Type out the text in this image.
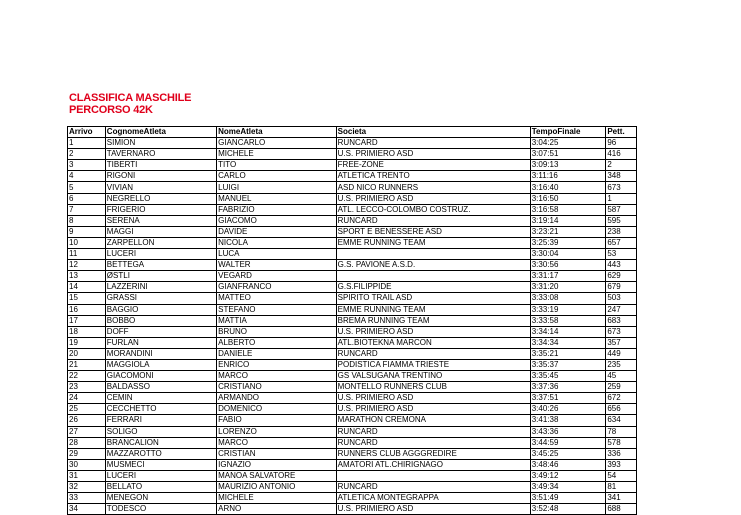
CLASSIFICA MASCHILE
PERCORSO 42K
Arrivo	CognomeAtleta	NomeAtleta	Societa	TempoFinale	Pett.
1	SIMION	GIANCARLO	RUNCARD	3:04:25	96
2	TAVERNARO	MICHELE	U.S. PRIMIERO ASD	3:07:51	416
3	TIBERTI	TITO	FREE-ZONE	3:09:13	2
4	RIGONI	CARLO	ATLETICA TRENTO	3:11:16	348
5	VIVIAN	LUIGI	ASD NICO RUNNERS	3:16:40	673
6	NEGRELLO	MANUEL	U.S. PRIMIERO ASD	3:16:50	1
7	FRIGERIO	FABRIZIO	ATL. LECCO-COLOMBO COSTRUZ.	3:16:58	587
8	SERENA	GIACOMO	RUNCARD	3:19:14	595
9	MAGGI	DAVIDE	SPORT E BENESSERE ASD	3:23:21	238
10	ZARPELLON	NICOLA	EMME RUNNING TEAM	3:25:39	657
11	LUCERI	LUCA		3:30:04	53
12	BETTEGA	WALTER	G.S. PAVIONE A.S.D.	3:30:56	443
13	ØSTLI	VEGARD		3:31:17	629
14	LAZZERINI	GIANFRANCO	G.S.FILIPPIDE	3:31:20	679
15	GRASSI	MATTEO	SPIRITO TRAIL ASD	3:33:08	503
16	BAGGIO	STEFANO	EMME RUNNING TEAM	3:33:19	247
17	BOBBO	MATTIA	BREMA RUNNING TEAM	3:33:58	683
18	DOFF	BRUNO	U.S. PRIMIERO ASD	3:34:14	673
19	FURLAN	ALBERTO	ATL.BIOTEKNA MARCON	3:34:34	357
20	MORANDINI	DANIELE	RUNCARD	3:35:21	449
21	MAGGIOLA	ENRICO	PODISTICA FIAMMA TRIESTE	3:35:37	235
22	GIACOMONI	MARCO	GS VALSUGANA TRENTINO	3:35:45	45
23	BALDASSO	CRISTIANO	MONTELLO RUNNERS CLUB	3:37:36	259
24	CEMIN	ARMANDO	U.S. PRIMIERO ASD	3:37:51	672
25	CECCHETTO	DOMENICO	U.S. PRIMIERO ASD	3:40:26	656
26	FERRARI	FABIO	MARATHON CREMONA	3:41:38	634
27	SOLIGO	LORENZO	RUNCARD	3:43:36	78
28	BRANCALION	MARCO	RUNCARD	3:44:59	578
29	MAZZAROTTO	CRISTIAN	RUNNERS CLUB AGGGREDIRE	3:45:25	336
30	MUSMECI	IGNAZIO	AMATORI ATL.CHIRIGNAGO	3:48:46	393
31	LUCERI	MANOA SALVATORE		3:49:12	54
32	BELLATO	MAURIZIO ANTONIO	RUNCARD	3:49:34	81
33	MENEGON	MICHELE	ATLETICA MONTEGRAPPA	3:51:49	341
34	TODESCO	ARNO	U.S. PRIMIERO ASD	3:52:48	688
